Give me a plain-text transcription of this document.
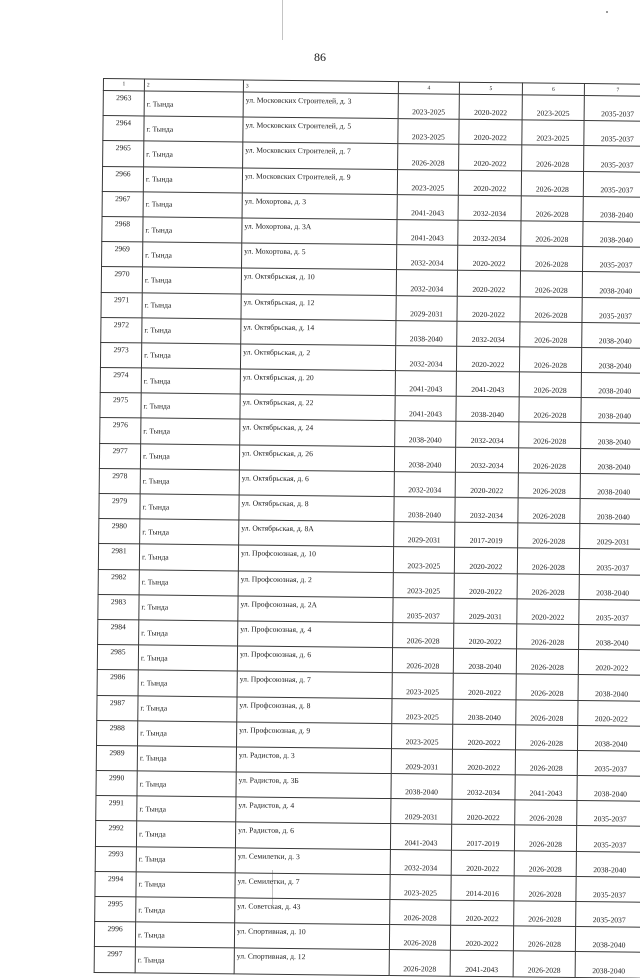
86
1	2	3	4	5	6	7
2963	г. Тында	ул. Московских Строителей, д. 3	2023-2025	2020-2022	2023-2025	2035-2037
2964	г. Тында	ул. Московских Строителей, д. 5	2023-2025	2020-2022	2023-2025	2035-2037
2965	г. Тында	ул. Московских Строителей, д. 7	2026-2028	2020-2022	2026-2028	2035-2037
2966	г. Тында	ул. Московских Строителей, д. 9	2023-2025	2020-2022	2026-2028	2035-2037
2967	г. Тында	ул. Мохортова, д. 3	2041-2043	2032-2034	2026-2028	2038-2040
2968	г. Тында	ул. Мохортова, д. 3А	2041-2043	2032-2034	2026-2028	2038-2040
2969	г. Тында	ул. Мохортова, д. 5	2032-2034	2020-2022	2026-2028	2035-2037
2970	г. Тында	ул. Октябрьская, д. 10	2032-2034	2020-2022	2026-2028	2038-2040
2971	г. Тында	ул. Октябрьская, д. 12	2029-2031	2020-2022	2026-2028	2035-2037
2972	г. Тында	ул. Октябрьская, д. 14	2038-2040	2032-2034	2026-2028	2038-2040
2973	г. Тында	ул. Октябрьская, д. 2	2032-2034	2020-2022	2026-2028	2038-2040
2974	г. Тында	ул. Октябрьская, д. 20	2041-2043	2041-2043	2026-2028	2038-2040
2975	г. Тында	ул. Октябрьская, д. 22	2041-2043	2038-2040	2026-2028	2038-2040
2976	г. Тында	ул. Октябрьская, д. 24	2038-2040	2032-2034	2026-2028	2038-2040
2977	г. Тында	ул. Октябрьская, д. 26	2038-2040	2032-2034	2026-2028	2038-2040
2978	г. Тында	ул. Октябрьская, д. 6	2032-2034	2020-2022	2026-2028	2038-2040
2979	г. Тында	ул. Октябрьская, д. 8	2038-2040	2032-2034	2026-2028	2038-2040
2980	г. Тында	ул. Октябрьская, д. 8А	2029-2031	2017-2019	2026-2028	2029-2031
2981	г. Тында	ул. Профсоюзная, д. 10	2023-2025	2020-2022	2026-2028	2035-2037
2982	г. Тында	ул. Профсоюзная, д. 2	2023-2025	2020-2022	2026-2028	2038-2040
2983	г. Тында	ул. Профсоюзная, д. 2А	2035-2037	2029-2031	2020-2022	2035-2037
2984	г. Тында	ул. Профсоюзная, д. 4	2026-2028	2020-2022	2026-2028	2038-2040
2985	г. Тында	ул. Профсоюзная, д. 6	2026-2028	2038-2040	2026-2028	2020-2022
2986	г. Тында	ул. Профсоюзная, д. 7	2023-2025	2020-2022	2026-2028	2038-2040
2987	г. Тында	ул. Профсоюзная, д. 8	2023-2025	2038-2040	2026-2028	2020-2022
2988	г. Тында	ул. Профсоюзная, д. 9	2023-2025	2020-2022	2026-2028	2038-2040
2989	г. Тында	ул. Радистов, д. 3	2029-2031	2020-2022	2026-2028	2035-2037
2990	г. Тында	ул. Радистов, д. 3Б	2038-2040	2032-2034	2041-2043	2038-2040
2991	г. Тында	ул. Радистов, д. 4	2029-2031	2020-2022	2026-2028	2035-2037
2992	г. Тында	ул. Радистов, д. 6	2041-2043	2017-2019	2026-2028	2035-2037
2993	г. Тында	ул. Семилетки, д. 3	2032-2034	2020-2022	2026-2028	2038-2040
2994	г. Тында	ул. Семилетки, д. 7	2023-2025	2014-2016	2026-2028	2035-2037
2995	г. Тында	ул. Советская, д. 43	2026-2028	2020-2022	2026-2028	2035-2037
2996	г. Тында	ул. Спортивная, д. 10	2026-2028	2020-2022	2026-2028	2038-2040
2997	г. Тында	ул. Спортивная, д. 12	2026-2028	2041-2043	2026-2028	2038-2040
